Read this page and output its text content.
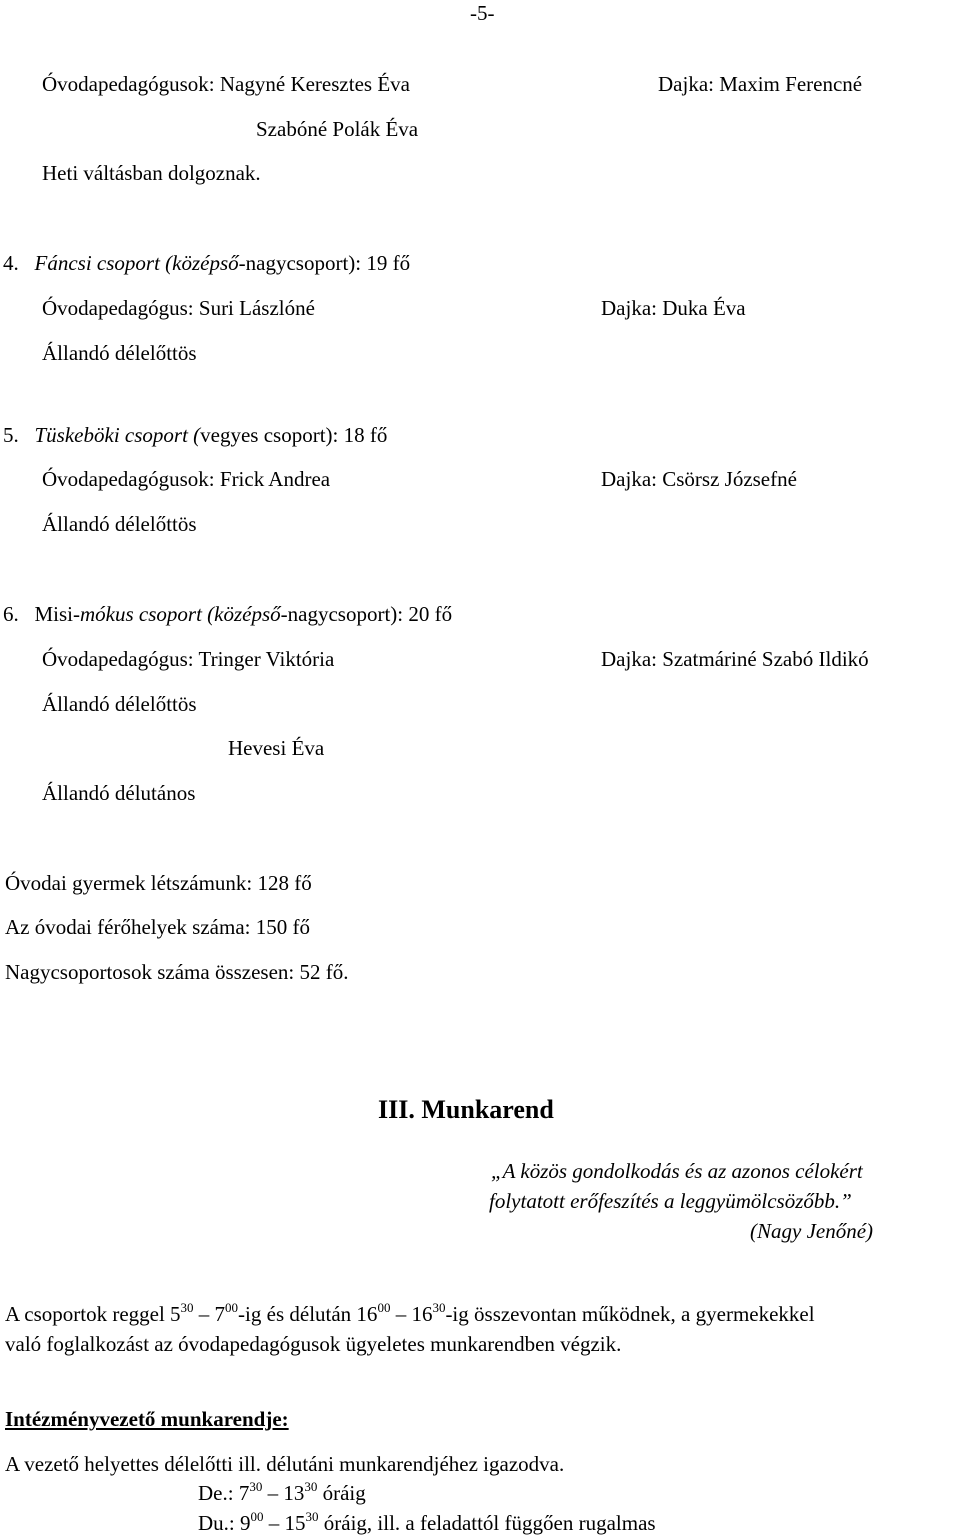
-5-
Óvodapedagógusok: Nagyné Keresztes Éva	Dajka: Maxim Ferencné
Szabóné Polák Éva
Heti váltásban dolgoznak.
4. Fáncsi csoport (középső-nagycsoport): 19 fő
Óvodapedagógus: Suri Lászlóné	Dajka: Duka Éva
Állandó délelőttös
5. Tüskeböki csoport (vegyes csoport): 18 fő
Óvodapedagógusok: Frick Andrea	Dajka: Csörsz Józsefné
Állandó délelőttös
6. Misi-mókus csoport (középső-nagycsoport): 20 fő
Óvodapedagógus: Tringer Viktória	Dajka: Szatmáriné Szabó Ildikó
Állandó délelőttös
Hevesi Éva
Állandó délutános
Óvodai gyermek létszámunk: 128 fő
Az óvodai férőhelyek száma: 150 fő
Nagycsoportosok száma összesen: 52 fő.
III. Munkarend
„A közös gondolkodás és az azonos célokért
folytatott erőfeszítés a leggyümölcsözőbb.”
(Nagy Jenőné)
A csoportok reggel $5^{30} - 7^{00}-ig$ és délután $16^{00} - 16^{30}-ig$ összevontan működnek, a gyermekekkel
való foglalkozást az óvodapedagógusok ügyeletes munkarendben végzik.
Intézményvezető munkarendje:
A vezető helyettes délelőtti ill. délutáni munkarendjéhez igazodva.
De.: $7^{30} - 13^{30}$ óráig
Du.: $9^{00} - 15^{30}$ óráig, ill. a feladattól függően rugalmas
